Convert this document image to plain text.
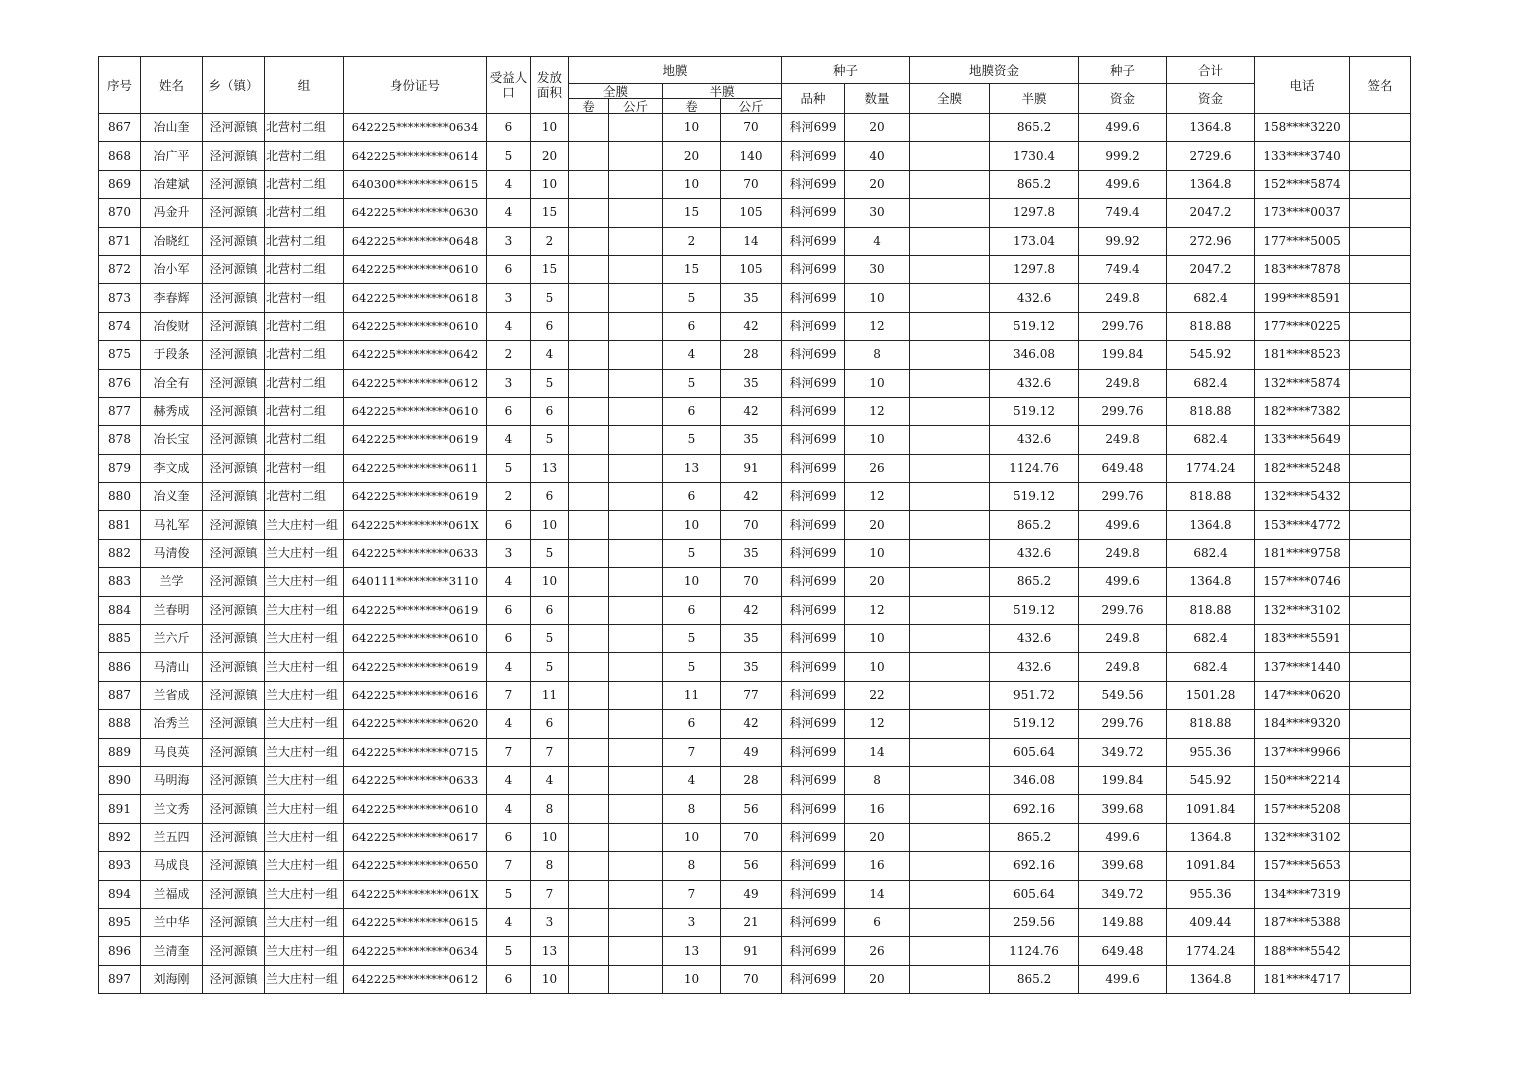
序号	姓名	乡（镇）	组	身份证号	受益人口	发放面积	地膜				种子		地膜资金		种子	合计	电话	签名
							全膜		半膜		品种	数量	全膜	半膜	资金	资金		
							卷	公斤	卷	公斤								
867	冶山奎	泾河源镇	北营村二组	642225*********0634	6	10			10	70	科河699	20		865.2	499.6	1364.8	158****3220	
868	冶广平	泾河源镇	北营村二组	642225*********0614	5	20			20	140	科河699	40		1730.4	999.2	2729.6	133****3740	
869	冶建斌	泾河源镇	北营村二组	640300*********0615	4	10			10	70	科河699	20		865.2	499.6	1364.8	152****5874	
870	冯金升	泾河源镇	北营村二组	642225*********0630	4	15			15	105	科河699	30		1297.8	749.4	2047.2	173****0037	
871	冶晓红	泾河源镇	北营村二组	642225*********0648	3	2			2	14	科河699	4		173.04	99.92	272.96	177****5005	
872	冶小军	泾河源镇	北营村二组	642225*********0610	6	15			15	105	科河699	30		1297.8	749.4	2047.2	183****7878	
873	李春辉	泾河源镇	北营村一组	642225*********0618	3	5			5	35	科河699	10		432.6	249.8	682.4	199****8591	
874	冶俊财	泾河源镇	北营村二组	642225*********0610	4	6			6	42	科河699	12		519.12	299.76	818.88	177****0225	
875	于段条	泾河源镇	北营村二组	642225*********0642	2	4			4	28	科河699	8		346.08	199.84	545.92	181****8523	
876	冶全有	泾河源镇	北营村二组	642225*********0612	3	5			5	35	科河699	10		432.6	249.8	682.4	132****5874	
877	赫秀成	泾河源镇	北营村二组	642225*********0610	6	6			6	42	科河699	12		519.12	299.76	818.88	182****7382	
878	冶长宝	泾河源镇	北营村二组	642225*********0619	4	5			5	35	科河699	10		432.6	249.8	682.4	133****5649	
879	李文成	泾河源镇	北营村一组	642225*********0611	5	13			13	91	科河699	26		1124.76	649.48	1774.24	182****5248	
880	冶义奎	泾河源镇	北营村二组	642225*********0619	2	6			6	42	科河699	12		519.12	299.76	818.88	132****5432	
881	马礼军	泾河源镇	兰大庄村一组	642225*********061X	6	10			10	70	科河699	20		865.2	499.6	1364.8	153****4772	
882	马清俊	泾河源镇	兰大庄村一组	642225*********0633	3	5			5	35	科河699	10		432.6	249.8	682.4	181****9758	
883	兰学	泾河源镇	兰大庄村一组	640111*********3110	4	10			10	70	科河699	20		865.2	499.6	1364.8	157****0746	
884	兰春明	泾河源镇	兰大庄村一组	642225*********0619	6	6			6	42	科河699	12		519.12	299.76	818.88	132****3102	
885	兰六斤	泾河源镇	兰大庄村一组	642225*********0610	6	5			5	35	科河699	10		432.6	249.8	682.4	183****5591	
886	马清山	泾河源镇	兰大庄村一组	642225*********0619	4	5			5	35	科河699	10		432.6	249.8	682.4	137****1440	
887	兰省成	泾河源镇	兰大庄村一组	642225*********0616	7	11			11	77	科河699	22		951.72	549.56	1501.28	147****0620	
888	冶秀兰	泾河源镇	兰大庄村一组	642225*********0620	4	6			6	42	科河699	12		519.12	299.76	818.88	184****9320	
889	马良英	泾河源镇	兰大庄村一组	642225*********0715	7	7			7	49	科河699	14		605.64	349.72	955.36	137****9966	
890	马明海	泾河源镇	兰大庄村一组	642225*********0633	4	4			4	28	科河699	8		346.08	199.84	545.92	150****2214	
891	兰文秀	泾河源镇	兰大庄村一组	642225*********0610	4	8			8	56	科河699	16		692.16	399.68	1091.84	157****5208	
892	兰五四	泾河源镇	兰大庄村一组	642225*********0617	6	10			10	70	科河699	20		865.2	499.6	1364.8	132****3102	
893	马成良	泾河源镇	兰大庄村一组	642225*********0650	7	8			8	56	科河699	16		692.16	399.68	1091.84	157****5653	
894	兰福成	泾河源镇	兰大庄村一组	642225*********061X	5	7			7	49	科河699	14		605.64	349.72	955.36	134****7319	
895	兰中华	泾河源镇	兰大庄村一组	642225*********0615	4	3			3	21	科河699	6		259.56	149.88	409.44	187****5388	
896	兰清奎	泾河源镇	兰大庄村一组	642225*********0634	5	13			13	91	科河699	26		1124.76	649.48	1774.24	188****5542	
897	刘海刚	泾河源镇	兰大庄村一组	642225*********0612	6	10			10	70	科河699	20		865.2	499.6	1364.8	181****4717	
